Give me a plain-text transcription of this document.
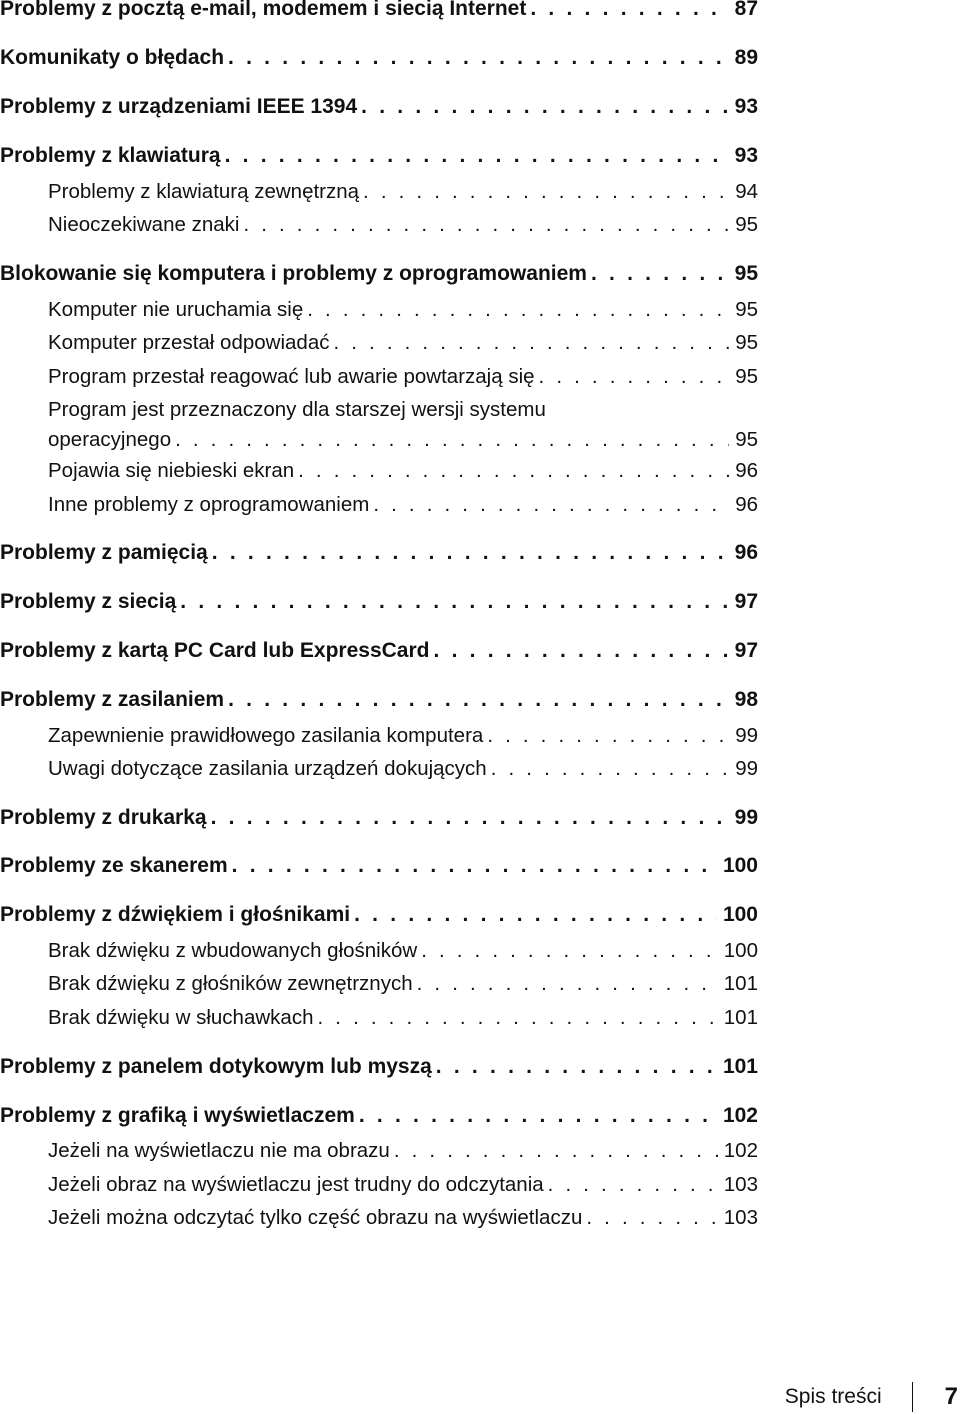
Problemy z pocztą e-mail, modemem i siecią Internet . . .	87
Komunikaty o błędach . . .	89
Problemy z urządzeniami IEEE 1394 . . .	93
Problemy z klawiaturą . . .	93
Problemy z klawiaturą zewnętrzną . . .	94
Nieoczekiwane znaki . . .	95
Blokowanie się komputera i problemy z oprogramowaniem . . .	95
Komputer nie uruchamia się . . .	95
Komputer przestał odpowiadać . . .	95
Program przestał reagować lub awarie powtarzają się . . .	95
Program jest przeznaczony dla starszej wersji systemu
operacyjnego . . .	95
Pojawia się niebieski ekran . . .	96
Inne problemy z oprogramowaniem . . .	96
Problemy z pamięcią . . .	96
Problemy z siecią . . .	97
Problemy z kartą PC Card lub ExpressCard . . .	97
Problemy z zasilaniem . . .	98
Zapewnienie prawidłowego zasilania komputera . . .	99
Uwagi dotyczące zasilania urządzeń dokujących . . .	99
Problemy z drukarką . . .	99
Problemy ze skanerem . . .	100
Problemy z dźwiękiem i głośnikami . . .	100
Brak dźwięku z wbudowanych głośników . . .	100
Brak dźwięku z głośników zewnętrznych . . .	101
Brak dźwięku w słuchawkach . . .	101
Problemy z panelem dotykowym lub myszą . . .	101
Problemy z grafiką i wyświetlaczem . . .	102
Jeżeli na wyświetlaczu nie ma obrazu . . .	102
Jeżeli obraz na wyświetlaczu jest trudny do odczytania . . .	103
Jeżeli można odczytać tylko część obrazu na wyświetlaczu . . .	103
Spis treści	7
